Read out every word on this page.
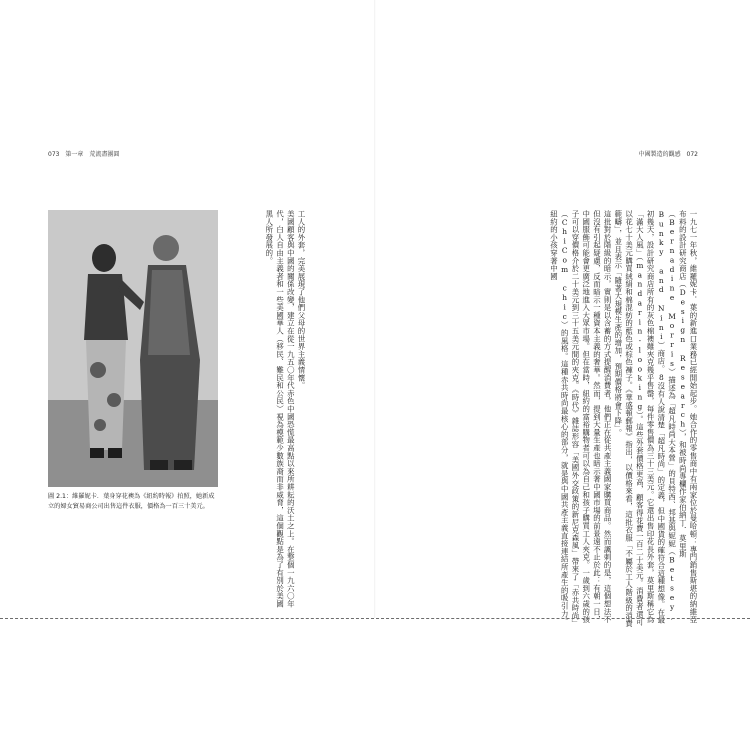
073 第一章 荒流盡團圓	中國製造的觀感 072
圖 2.1：維羅妮卡．葉身穿花襖為《紐約時報》拍照，她新成立的婦女貿易商公司出售這件衣服，價格為一百三十美元。

工人的外套，完美展現了他們父母的世界主義情懷。

美國顧客與中國的關係改變，建立在從一九五〇年代赤色中國恐慌最高點以來所耕耘的沃土之上。在整個一九六〇年代，白人自由主義者和一些美國華人（移民、難民和公民）視為模範少數族裔而非威脅，這個觀點是為了有別於美國黑人所發展的。	一九七一年秋，維羅妮卡．葉的新進口業務已經開始起步。她合作的零售商中有兩家位於曼哈頓：專門銷售斯堪的納維亞布料的設計研究商店（Design Research），和被時尚專欄作家伯納丁．莫里斯（Bernadine Morris）描述為「超凡時尚大本營」的貝特西、邦基與妮妮（Betsey, Bunky and Nini）商店。8沒有人說清楚「超凡時尚」的定義，但中國貨的確符合這種想像。在最初幾天，設計研究商店所有的灰色棉襖雖夾克幾乎售罄，每件零售價為三十三美元。它還出售印花長外套，莫里斯稱它為「滿大人風」（mandarin-looking）。這些外套價格更高，顧客得花費一百二十美元。消費者還可以花七十美元購買絨絹和棉混紡的藍色或棕色褲子。《華盛頓郵報》指出，以價格來看，這批衣服「不屬於工人階級的消費範疇」，並且表示「隨著大規模生產的增加，預期價格將會下降」。

這批對於階級的暗示，實則是以含蓄的方式提醒消費者，他們正在從共產主義國家購買商品。然而諷刺的是，這個想法不但沒有引起疑慮，反而暗示一種資本主義的奢華。然而，提到大量生產也暗示著中國市場的前景遠不止於此：有朝一日，中國服飾可能會更廣泛地進入大眾市場。但在當時，紐約的富裕購物者可以為自己和孩子購買工人夾克。一歲到六歲的孩子可以穿價格介於二十美元到三十五美元間的夾克。《時代》雜誌形容「美國外交政策的新尼克森風」帶來了「赤共時尚」（ChiCom chic）的風格。這種赤共時尚最核心的部分，就是與中國共產主義直接連結所產生的吸引力。紐約的小孩穿著中國
